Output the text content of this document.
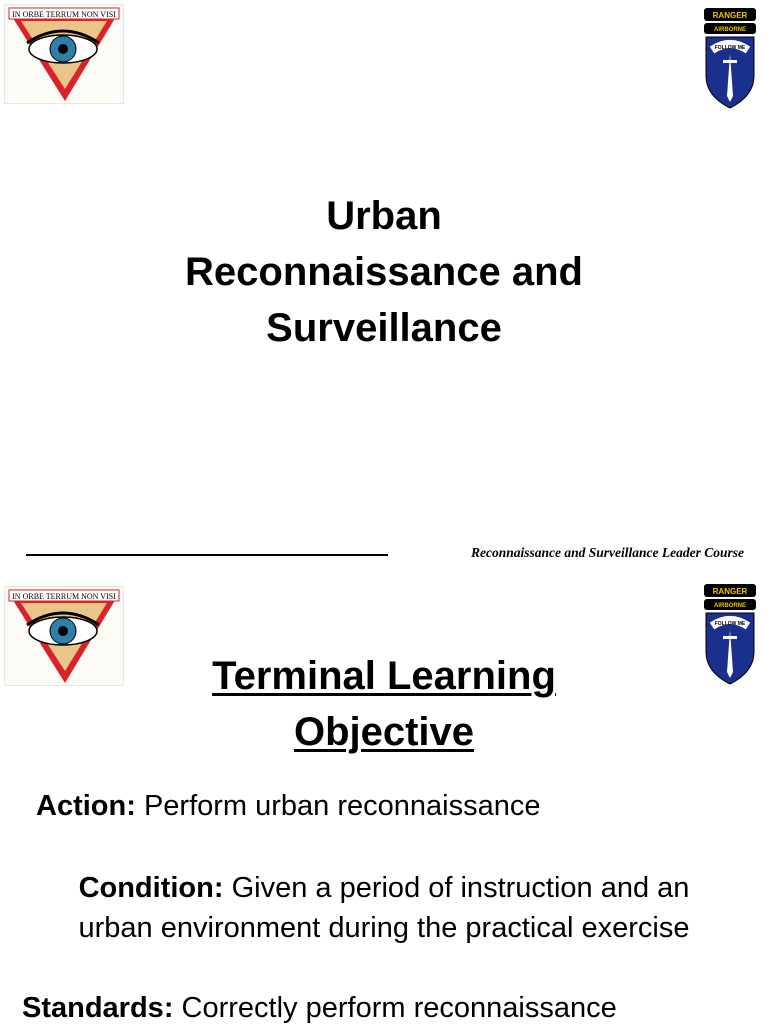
IN ORBE TERRUM NON VISI	RANGER
AIRBORNE
FOLLOW ME
Urban
Reconnaissance and
Surveillance
Reconnaissance and Surveillance Leader Course
IN ORBE TERRUM NON VISI
RANGER
AIRBORNE
FOLLOW ME
Terminal Learning
Objective
Action: Perform urban reconnaissance
Condition: Given a period of instruction and an
urban environment during the practical exercise
Standards: Correctly perform reconnaissance
